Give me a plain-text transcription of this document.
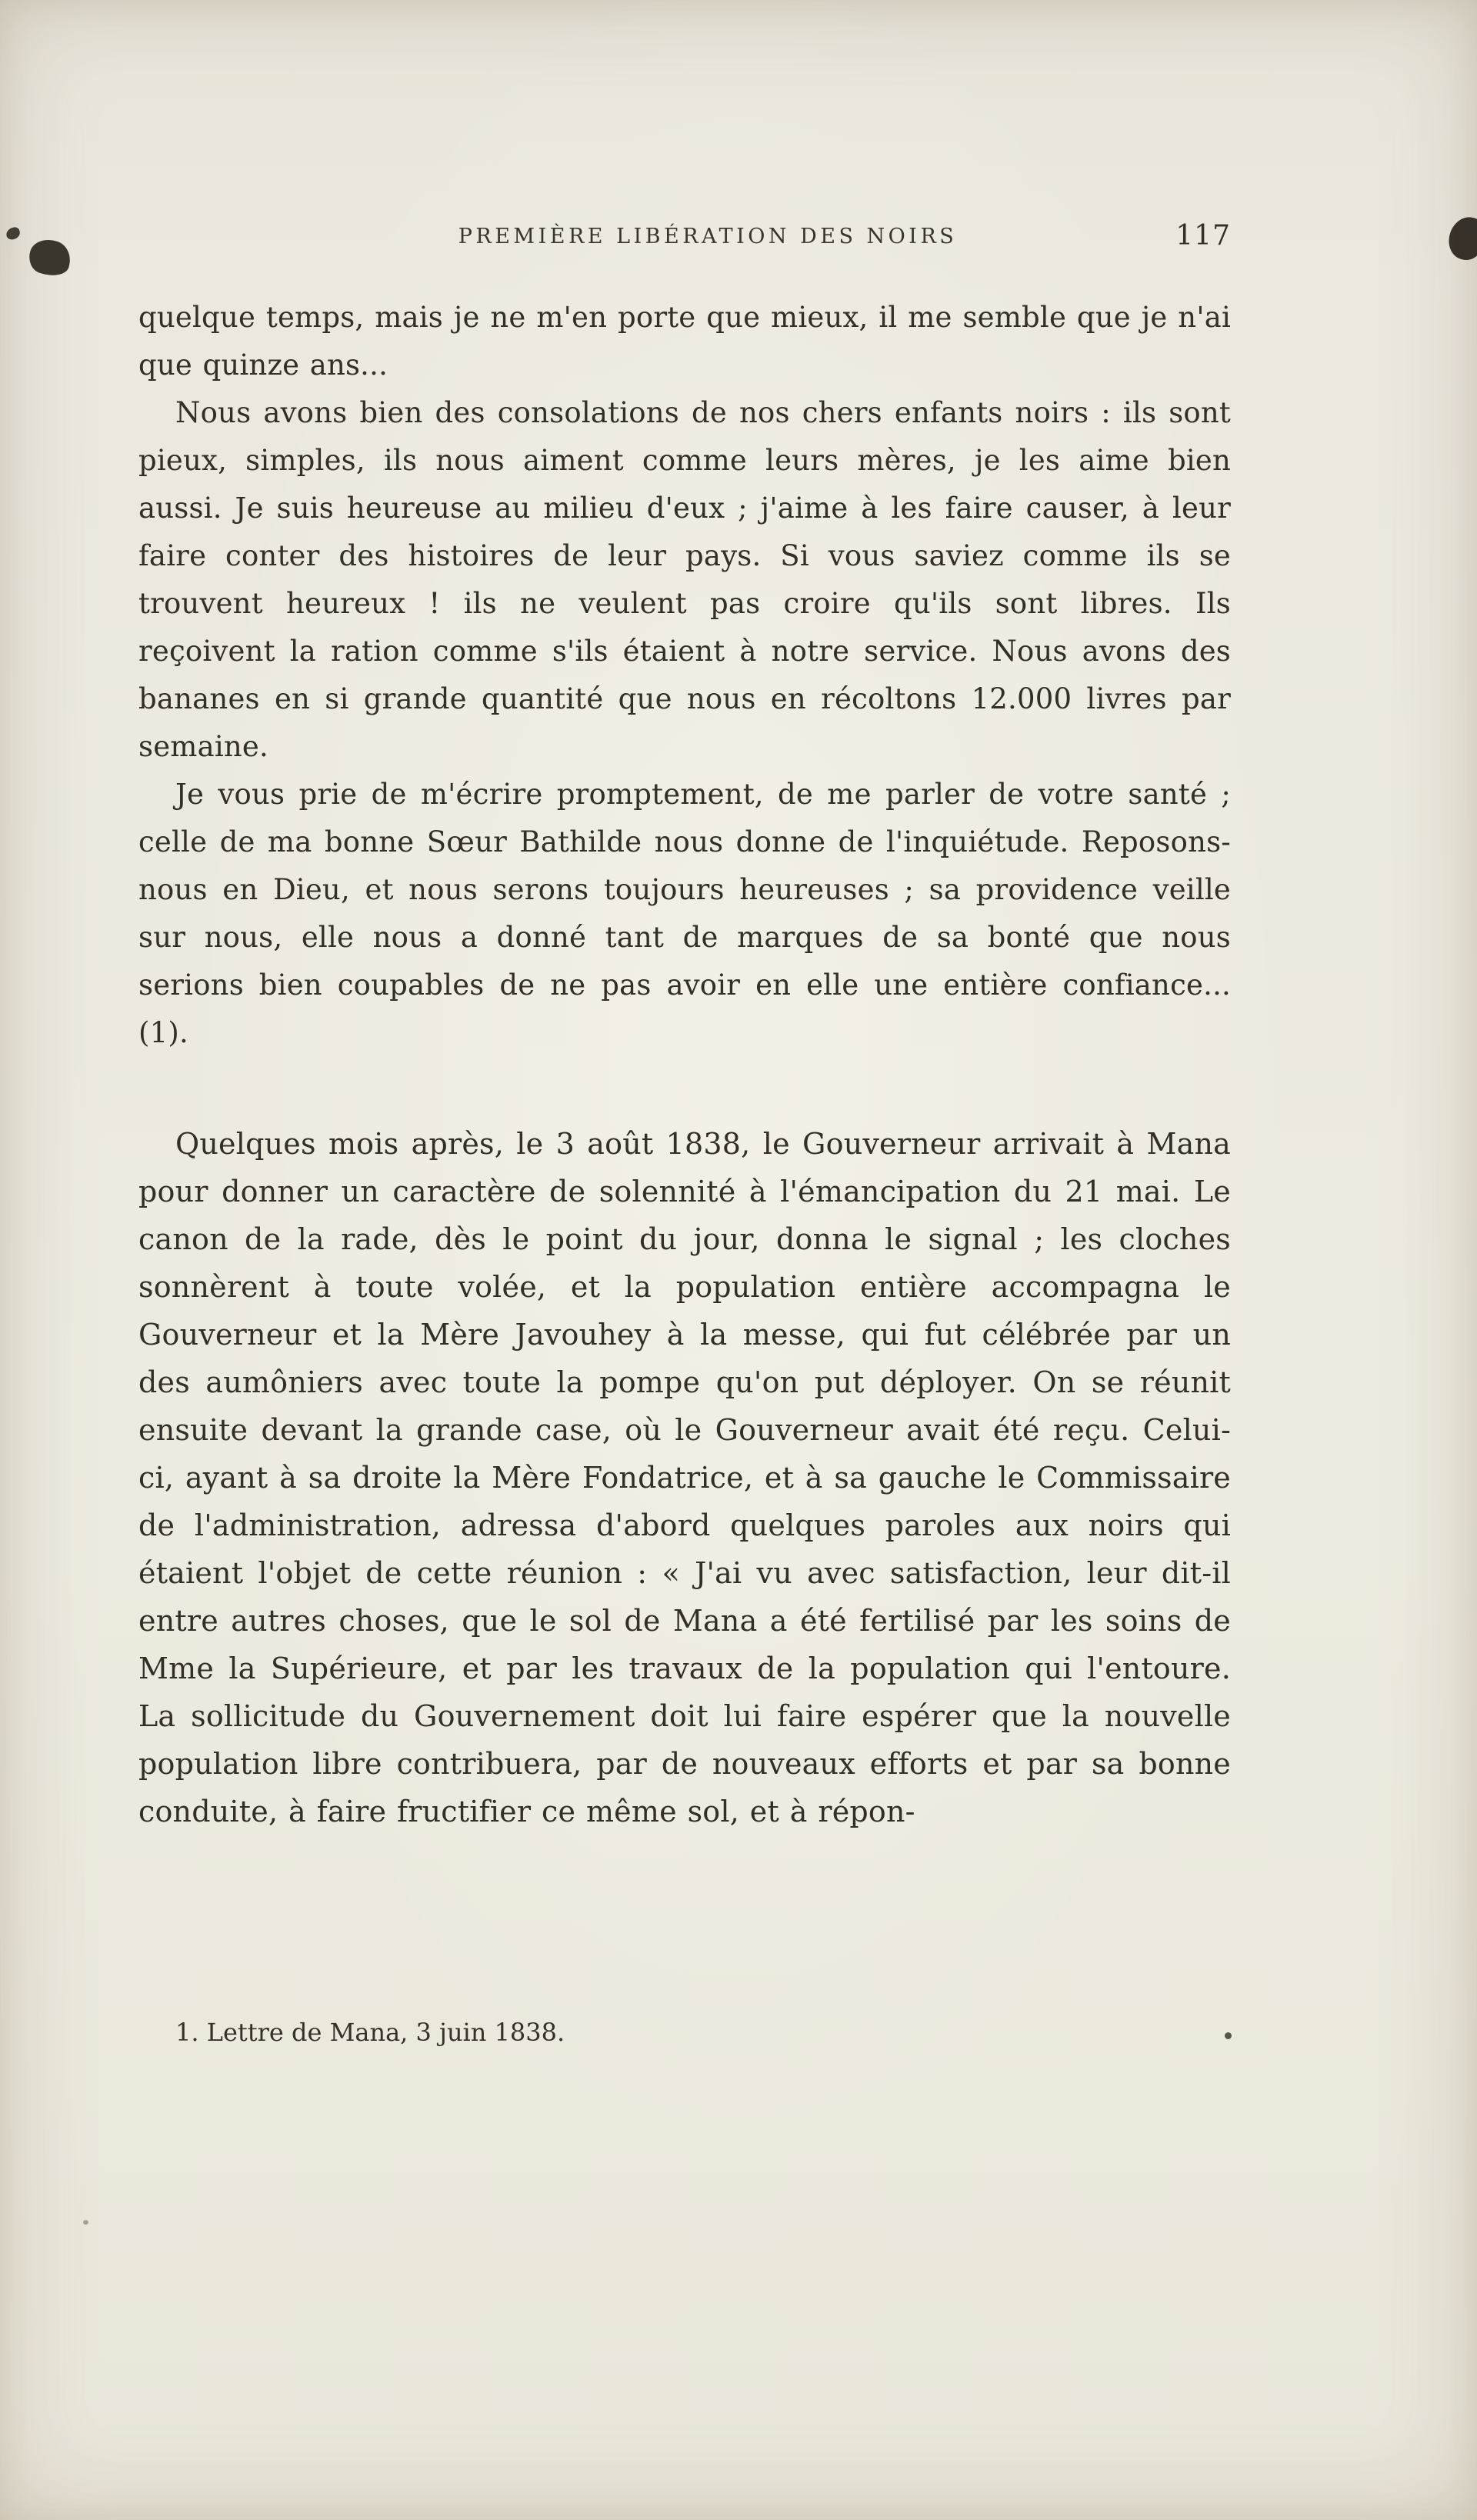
PREMIÈRE LIBÉRATION DES NOIRS	117

quelque temps, mais je ne m'en porte que mieux, il me semble que je n'ai que quinze ans...

Nous avons bien des consolations de nos chers enfants noirs : ils sont pieux, simples, ils nous aiment comme leurs mères, je les aime bien aussi. Je suis heureuse au milieu d'eux ; j'aime à les faire causer, à leur faire conter des histoires de leur pays. Si vous saviez comme ils se trouvent heureux ! ils ne veulent pas croire qu'ils sont libres. Ils reçoivent la ration comme s'ils étaient à notre service. Nous avons des bananes en si grande quantité que nous en récoltons 12.000 livres par semaine.

Je vous prie de m'écrire promptement, de me parler de votre santé ; celle de ma bonne Sœur Bathilde nous donne de l'inquiétude. Reposons-nous en Dieu, et nous serons toujours heureuses ; sa providence veille sur nous, elle nous a donné tant de marques de sa bonté que nous serions bien coupables de ne pas avoir en elle une entière confiance... (1).

Quelques mois après, le 3 août 1838, le Gouverneur arrivait à Mana pour donner un caractère de solennité à l'émancipation du 21 mai. Le canon de la rade, dès le point du jour, donna le signal ; les cloches sonnèrent à toute volée, et la population entière accompagna le Gouverneur et la Mère Javouhey à la messe, qui fut célébrée par un des aumôniers avec toute la pompe qu'on put déployer. On se réunit ensuite devant la grande case, où le Gouverneur avait été reçu. Celui-ci, ayant à sa droite la Mère Fondatrice, et à sa gauche le Commissaire de l'administration, adressa d'abord quelques paroles aux noirs qui étaient l'objet de cette réunion : « J'ai vu avec satisfaction, leur dit-il entre autres choses, que le sol de Mana a été fertilisé par les soins de Mme la Supérieure, et par les travaux de la population qui l'entoure. La sollicitude du Gouvernement doit lui faire espérer que la nouvelle population libre contribuera, par de nouveaux efforts et par sa bonne conduite, à faire fructifier ce même sol, et à répon-

1. Lettre de Mana, 3 juin 1838.
